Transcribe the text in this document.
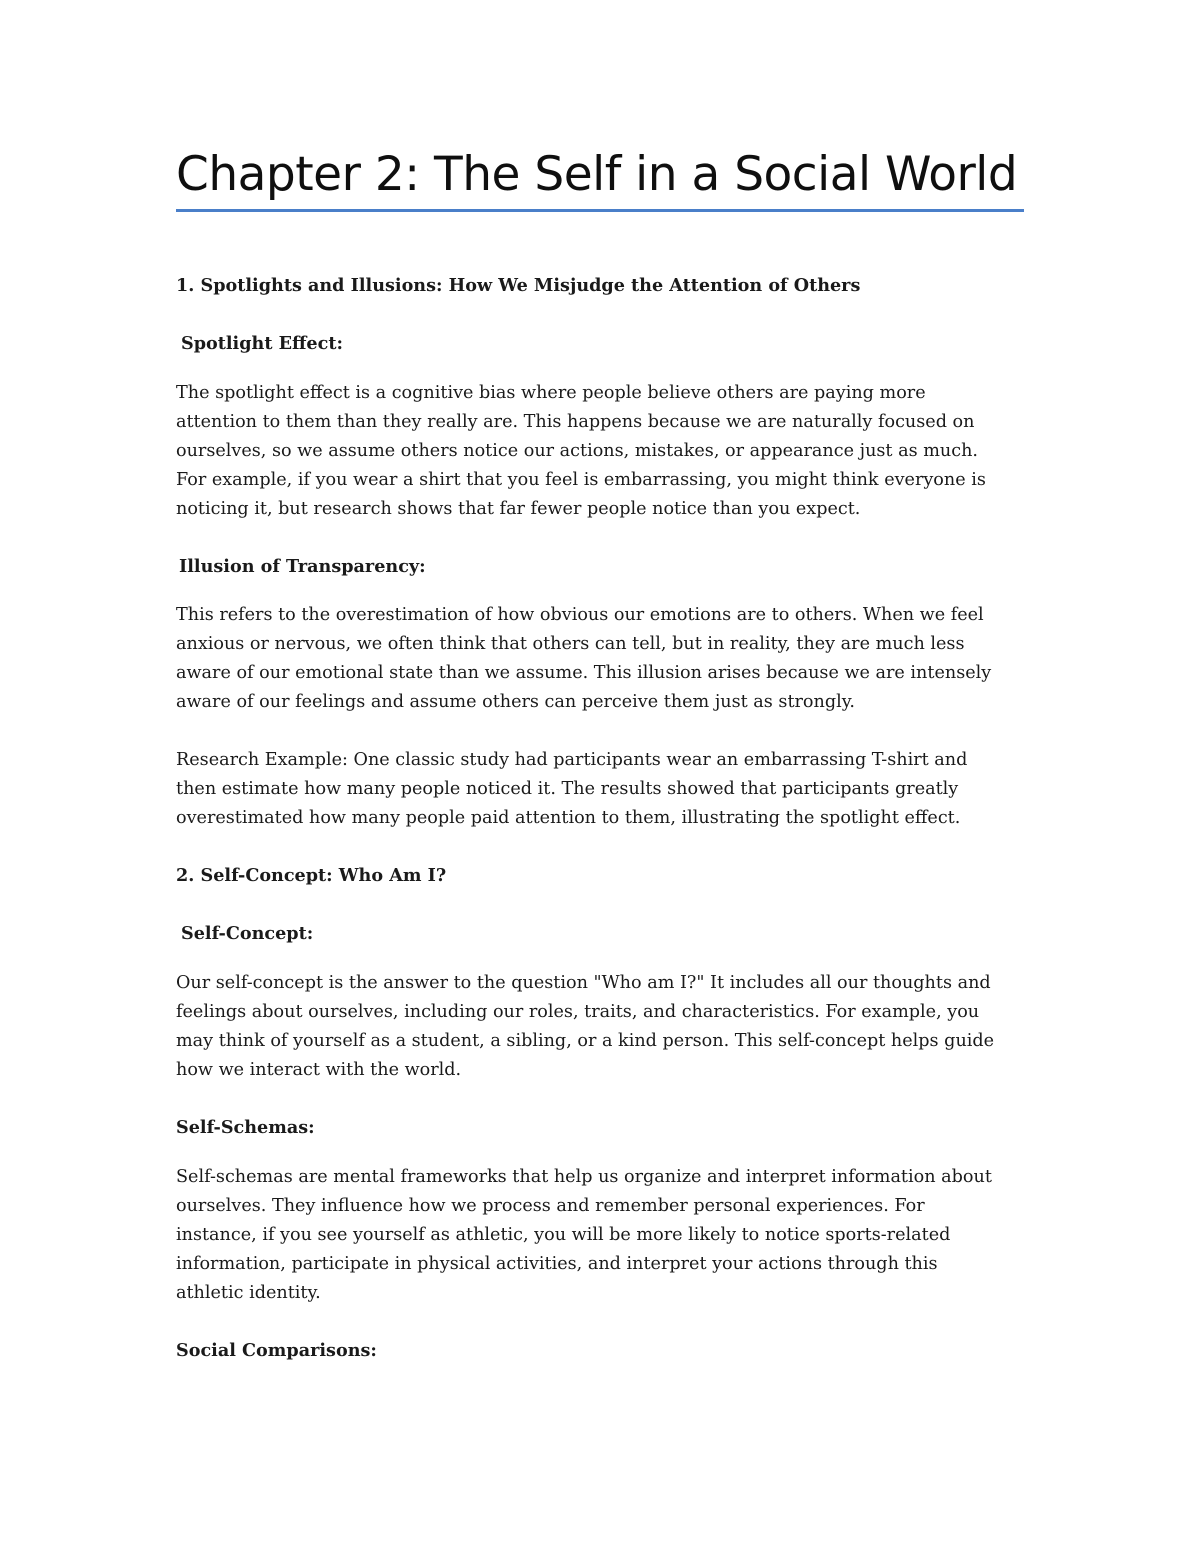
Chapter 2: The Self in a Social World

1. Spotlights and Illusions: How We Misjudge the Attention of Others

Spotlight Effect:

The spotlight effect is a cognitive bias where people believe others are paying more
attention to them than they really are. This happens because we are naturally focused on
ourselves, so we assume others notice our actions, mistakes, or appearance just as much.
For example, if you wear a shirt that you feel is embarrassing, you might think everyone is
noticing it, but research shows that far fewer people notice than you expect.

Illusion of Transparency:

This refers to the overestimation of how obvious our emotions are to others. When we feel
anxious or nervous, we often think that others can tell, but in reality, they are much less
aware of our emotional state than we assume. This illusion arises because we are intensely
aware of our feelings and assume others can perceive them just as strongly.
Research Example: One classic study had participants wear an embarrassing T-shirt and
then estimate how many people noticed it. The results showed that participants greatly
overestimated how many people paid attention to them, illustrating the spotlight effect.

2. Self-Concept: Who Am I?

Self-Concept:

Our self-concept is the answer to the question "Who am I?" It includes all our thoughts and
feelings about ourselves, including our roles, traits, and characteristics. For example, you
may think of yourself as a student, a sibling, or a kind person. This self-concept helps guide
how we interact with the world.

Self-Schemas:

Self-schemas are mental frameworks that help us organize and interpret information about
ourselves. They influence how we process and remember personal experiences. For
instance, if you see yourself as athletic, you will be more likely to notice sports-related
information, participate in physical activities, and interpret your actions through this
athletic identity.

Social Comparisons:
